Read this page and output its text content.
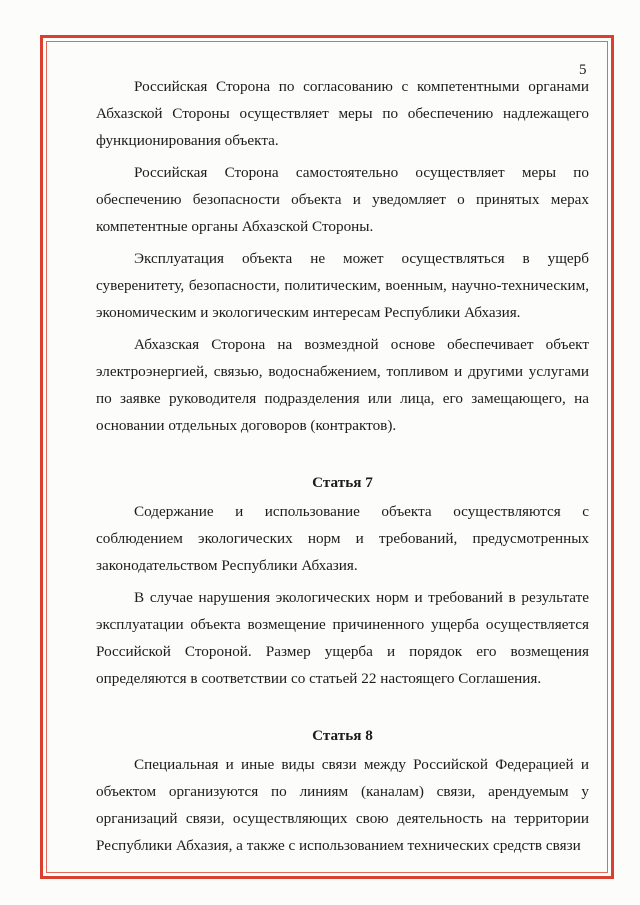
5

Российская Сторона по согласованию с компетентными органами Абхазской Стороны осуществляет меры по обеспечению надлежащего функционирования объекта.

Российская Сторона самостоятельно осуществляет меры по обеспечению безопасности объекта и уведомляет о принятых мерах компетентные органы Абхазской Стороны.

Эксплуатация объекта не может осуществляться в ущерб суверенитету, безопасности, политическим, военным, научно-техническим, экономическим и экологическим интересам Республики Абхазия.

Абхазская Сторона на возмездной основе обеспечивает объект электроэнергией, связью, водоснабжением, топливом и другими услугами по заявке руководителя подразделения или лица, его замещающего, на основании отдельных договоров (контрактов).

Статья 7

Содержание и использование объекта осуществляются с соблюдением экологических норм и требований, предусмотренных законодательством Республики Абхазия.

В случае нарушения экологических норм и требований в результате эксплуатации объекта возмещение причиненного ущерба осуществляется Российской Стороной. Размер ущерба и порядок его возмещения определяются в соответствии со статьей 22 настоящего Соглашения.

Статья 8

Специальная и иные виды связи между Российской Федерацией и объектом организуются по линиям (каналам) связи, арендуемым у организаций связи, осуществляющих свою деятельность на территории Республики Абхазия, а также с использованием технических средств связи
